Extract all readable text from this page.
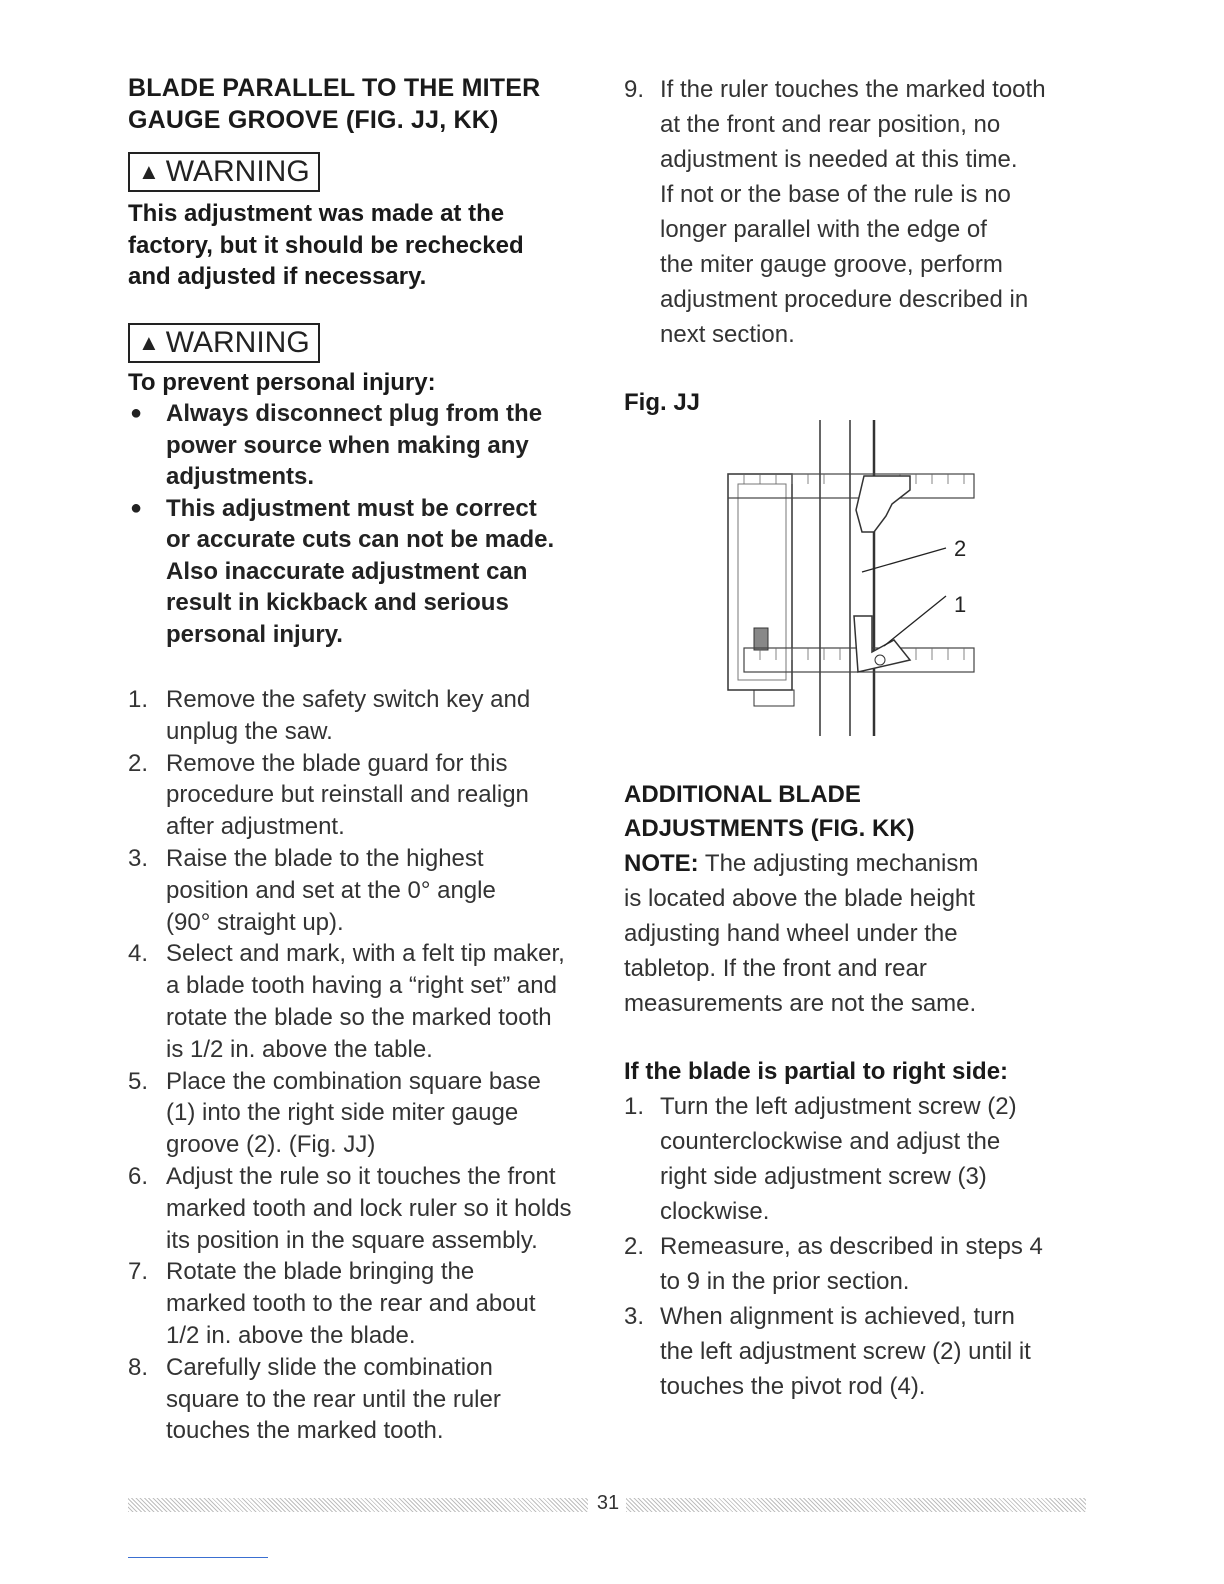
BLADE PARALLEL TO THE MITER
GAUGE GROOVE (FIG. JJ, KK)
▲ WARNING

This adjustment was made at the
factory, but it should be rechecked
and adjusted if necessary.

▲ WARNING

To prevent personal injury:

● Always disconnect plug from the
power source when making any
adjustments.
● This adjustment must be correct
or accurate cuts can not be made.
Also inaccurate adjustment can
result in kickback and serious
personal injury.
1. Remove the safety switch key and
unplug the saw.
2. Remove the blade guard for this
procedure but reinstall and realign
after adjustment.
3. Raise the blade to the highest
position and set at the 0° angle
(90° straight up).
4. Select and mark, with a felt tip maker,
a blade tooth having a “right set” and
rotate the blade so the marked tooth
is 1/2 in. above the table.
5. Place the combination square base
(1) into the right side miter gauge
groove (2). (Fig. JJ)
6. Adjust the rule so it touches the front
marked tooth and lock ruler so it holds
its position in the square assembly.
7. Rotate the blade bringing the
marked tooth to the rear and about
1/2 in. above the blade.
8. Carefully slide the combination
square to the rear until the ruler
touches the marked tooth.
9. If the ruler touches the marked tooth
at the front and rear position, no
adjustment is needed at this time.
If not or the base of the rule is no
longer parallel with the edge of
the miter gauge groove, perform
adjustment procedure described in
next section.

Fig. JJ

2
1
ADDITIONAL BLADE
ADJUSTMENTS (FIG. KK)

NOTE: The adjusting mechanism
is located above the blade height
adjusting hand wheel under the
tabletop. If the front and rear
measurements are not the same.

If the blade is partial to right side:

1. Turn the left adjustment screw (2)
counterclockwise and adjust the
right side adjustment screw (3)
clockwise.
2. Remeasure, as described in steps 4
to 9 in the prior section.
3. When alignment is achieved, turn
the left adjustment screw (2) until it
touches the pivot rod (4).
31
